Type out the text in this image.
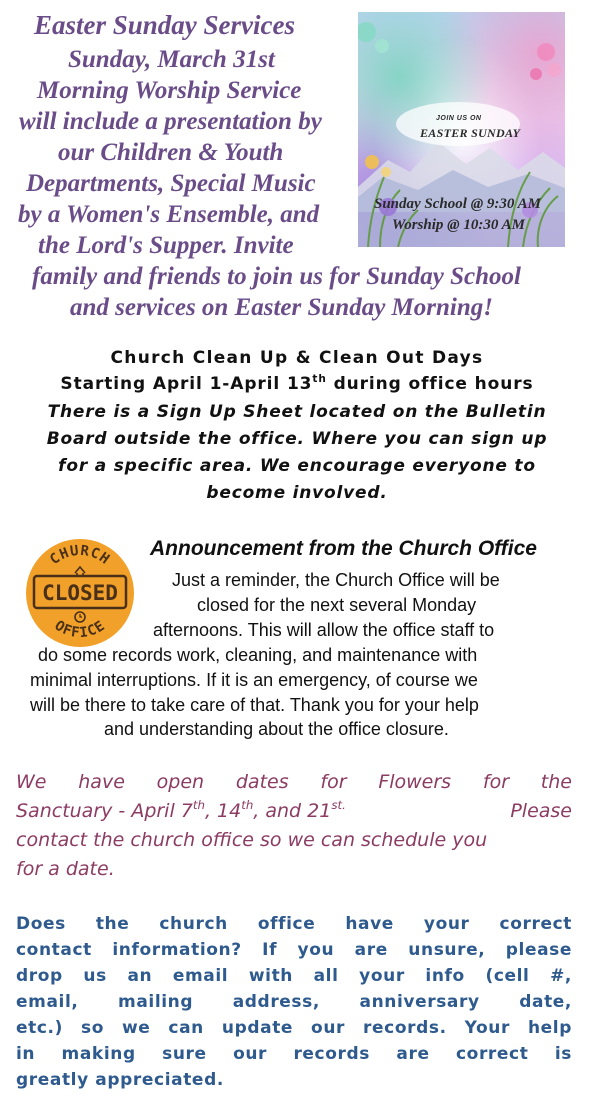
Easter Sunday Services
Sunday, March 31st
Morning Worship Service
will include a presentation by
our Children & Youth
Departments, Special Music
by a Women's Ensemble, and
the Lord's Supper. Invite
family and friends to join us for Sunday School
and services on Easter Sunday Morning!
JOIN US ON
EASTER SUNDAY
Sunday School @ 9:30 AM
Worship @ 10:30 AM
Church Clean Up & Clean Out Days
Starting April 1-April 13th during office hours
There is a Sign Up Sheet located on the Bulletin
Board outside the office. Where you can sign up
for a specific area. We encourage everyone to
become involved.
CHURCH
OFFICE
CLOSED
Announcement from the Church Office
Just a reminder, the Church Office will be
closed for the next several Monday
afternoons. This will allow the office staff to
do some records work, cleaning, and maintenance with
minimal interruptions. If it is an emergency, of course we
will be there to take care of that. Thank you for your help
and understanding about the office closure.
We have open dates for Flowers for the
Sanctuary - April 7th, 14th, and $21^{st.}$	Please
contact the church office so we can schedule you
for a date.
Does the church office have your correct
contact information? If you are unsure, please
drop us an email with all your info (cell #,
email, mailing address, anniversary date,
etc.) so we can update our records. Your help
in making sure our records are correct is
greatly appreciated.
